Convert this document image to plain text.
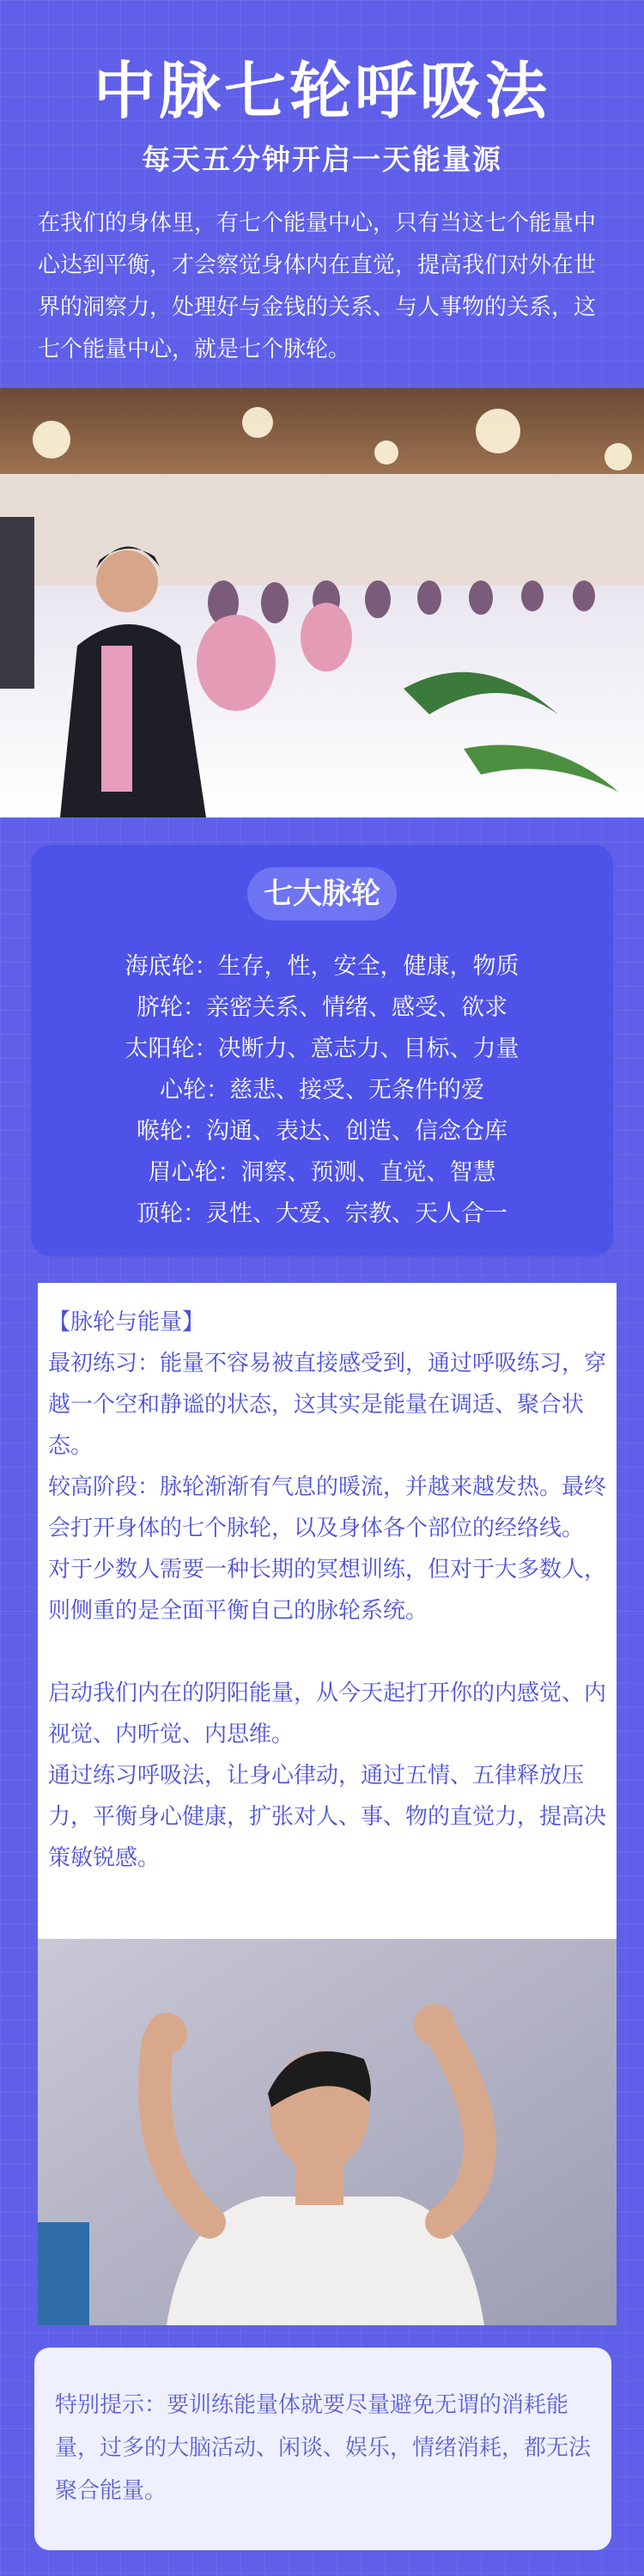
中脉七轮呼吸法
每天五分钟开启一天能量源
在我们的身体里，有七个能量中心，只有当这七个能量中心达到平衡，才会察觉身体内在直觉，提高我们对外在世界的洞察力，处理好与金钱的关系、与人事物的关系，这七个能量中心，就是七个脉轮。
七大脉轮
海底轮：生存，性，安全，健康，物质
脐轮：亲密关系、情绪、感受、欲求
太阳轮：决断力、意志力、目标、力量
心轮：慈悲、接受、无条件的爱
喉轮：沟通、表达、创造、信念仓库
眉心轮：洞察、预测、直觉、智慧
顶轮：灵性、大爱、宗教、天人合一

【脉轮与能量】

最初练习：能量不容易被直接感受到，通过呼吸练习，穿越一个空和静谧的状态，这其实是能量在调适、聚合状态。

较高阶段：脉轮渐渐有气息的暖流，并越来越发热。最终会打开身体的七个脉轮，以及身体各个部位的经络线。

对于少数人需要一种长期的冥想训练，但对于大多数人，则侧重的是全面平衡自己的脉轮系统。

启动我们内在的阴阳能量，从今天起打开你的内感觉、内视觉、内听觉、内思维。

通过练习呼吸法，让身心律动，通过五情、五律释放压力，平衡身心健康，扩张对人、事、物的直觉力，提高决策敏锐感。

特别提示：要训练能量体就要尽量避免无谓的消耗能量，过多的大脑活动、闲谈、娱乐，情绪消耗，都无法聚合能量。
